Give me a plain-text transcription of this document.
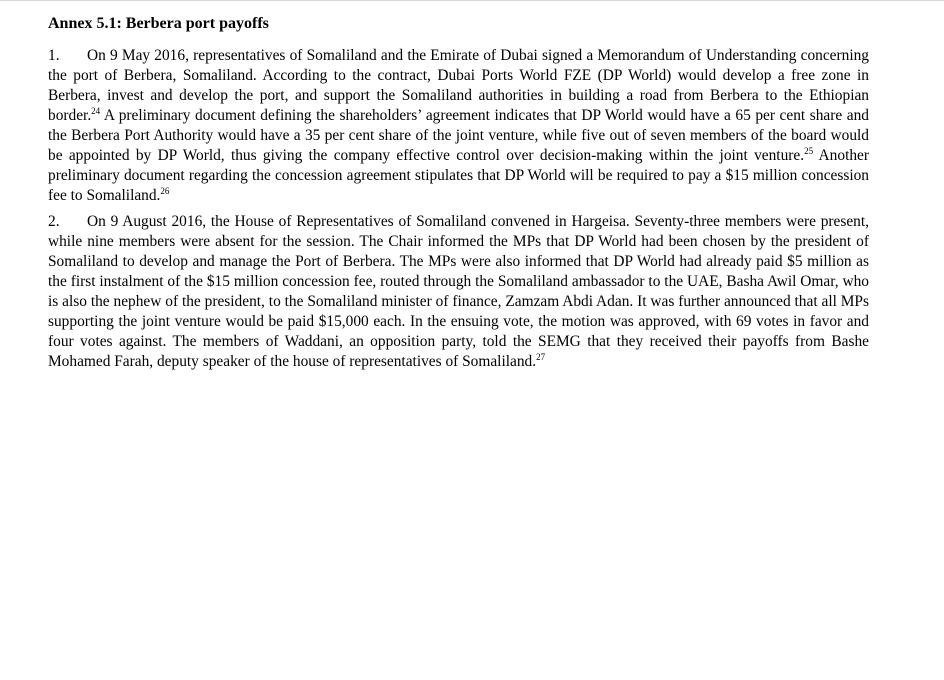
Annex 5.1: Berbera port payoffs

1. On 9 May 2016, representatives of Somaliland and the Emirate of Dubai signed a Memorandum of Understanding concerning the port of Berbera, Somaliland. According to the contract, Dubai Ports World FZE (DP World) would develop a free zone in Berbera, invest and develop the port, and support the Somaliland authorities in building a road from Berbera to the Ethiopian border.$^{24}$ A preliminary document defining the shareholders’ agreement indicates that DP World would have a 65 per cent share and the Berbera Port Authority would have a 35 per cent share of the joint venture, while five out of seven members of the board would be appointed by DP World, thus giving the company effective control over decision-making within the joint venture.$^{25}$ Another preliminary document regarding the concession agreement stipulates that DP World will be required to pay a $15 million concession fee to Somaliland.$^{26}$

2. On 9 August 2016, the House of Representatives of Somaliland convened in Hargeisa. Seventy-three members were present, while nine members were absent for the session. The Chair informed the MPs that DP World had been chosen by the president of Somaliland to develop and manage the Port of Berbera. The MPs were also informed that DP World had already paid $5 million as the first instalment of the $15 million concession fee, routed through the Somaliland ambassador to the UAE, Basha Awil Omar, who is also the nephew of the president, to the Somaliland minister of finance, Zamzam Abdi Adan. It was further announced that all MPs supporting the joint venture would be paid $15,000 each. In the ensuing vote, the motion was approved, with 69 votes in favor and four votes against. The members of Waddani, an opposition party, told the SEMG that they received their payoffs from Bashe Mohamed Farah, deputy speaker of the house of representatives of Somaliland.$^{27}$
